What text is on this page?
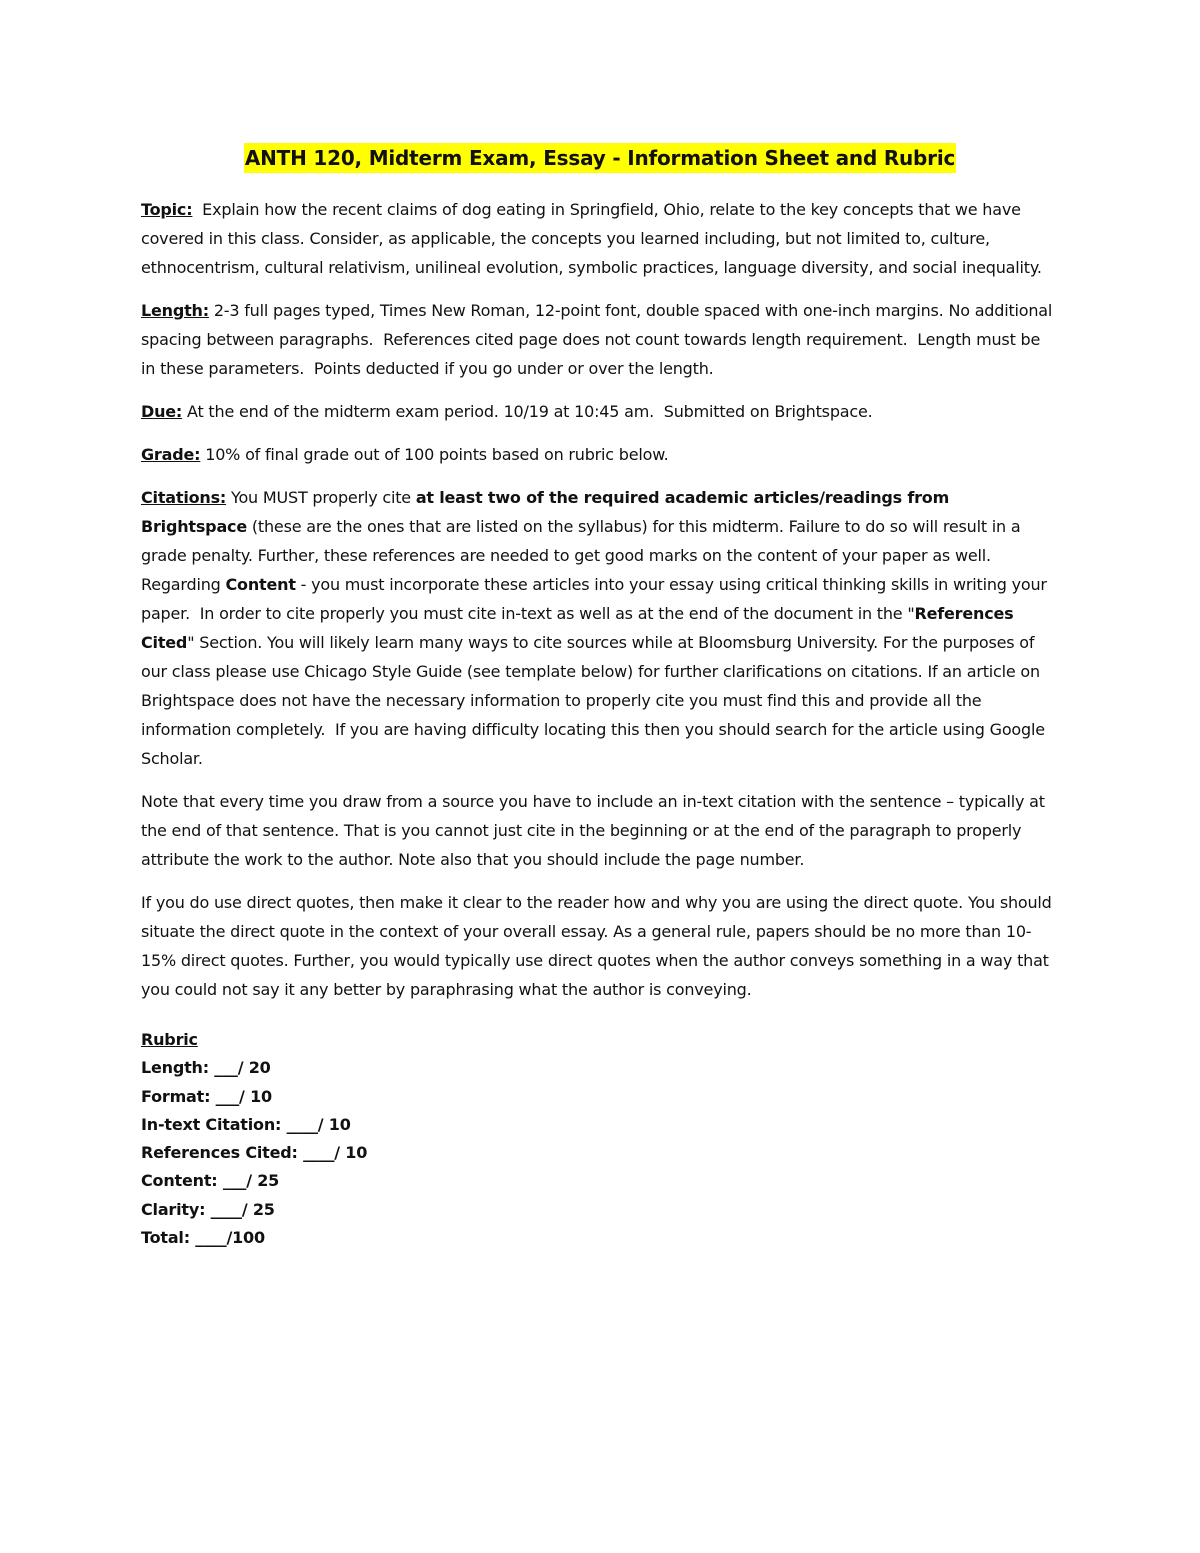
ANTH 120, Midterm Exam, Essay - Information Sheet and Rubric

Topic:  Explain how the recent claims of dog eating in Springfield, Ohio, relate to the key concepts that we have covered in this class. Consider, as applicable, the concepts you learned including, but not limited to, culture, ethnocentrism, cultural relativism, unilineal evolution, symbolic practices, language diversity, and social inequality.

Length: 2-3 full pages typed, Times New Roman, 12-point font, double spaced with one-inch margins. No additional spacing between paragraphs.  References cited page does not count towards length requirement.  Length must be in these parameters.  Points deducted if you go under or over the length.

Due: At the end of the midterm exam period. 10/19 at 10:45 am.  Submitted on Brightspace.

Grade: 10% of final grade out of 100 points based on rubric below.

Citations: You MUST properly cite at least two of the required academic articles/readings from Brightspace (these are the ones that are listed on the syllabus) for this midterm. Failure to do so will result in a grade penalty. Further, these references are needed to get good marks on the content of your paper as well.  Regarding Content - you must incorporate these articles into your essay using critical thinking skills in writing your paper.  In order to cite properly you must cite in-text as well as at the end of the document in the "References Cited" Section. You will likely learn many ways to cite sources while at Bloomsburg University. For the purposes of our class please use Chicago Style Guide (see template below) for further clarifications on citations. If an article on Brightspace does not have the necessary information to properly cite you must find this and provide all the information completely.  If you are having difficulty locating this then you should search for the article using Google Scholar.

Note that every time you draw from a source you have to include an in-text citation with the sentence – typically at the end of that sentence. That is you cannot just cite in the beginning or at the end of the paragraph to properly attribute the work to the author. Note also that you should include the page number.

If you do use direct quotes, then make it clear to the reader how and why you are using the direct quote. You should situate the direct quote in the context of your overall essay. As a general rule, papers should be no more than 10-15% direct quotes. Further, you would typically use direct quotes when the author conveys something in a way that you could not say it any better by paraphrasing what the author is conveying.

Rubric
Length: ___/ 20
Format: ___/ 10
In-text Citation: ____/ 10
References Cited: ____/ 10
Content: ___/ 25
Clarity: ____/ 25
Total: ____/100
